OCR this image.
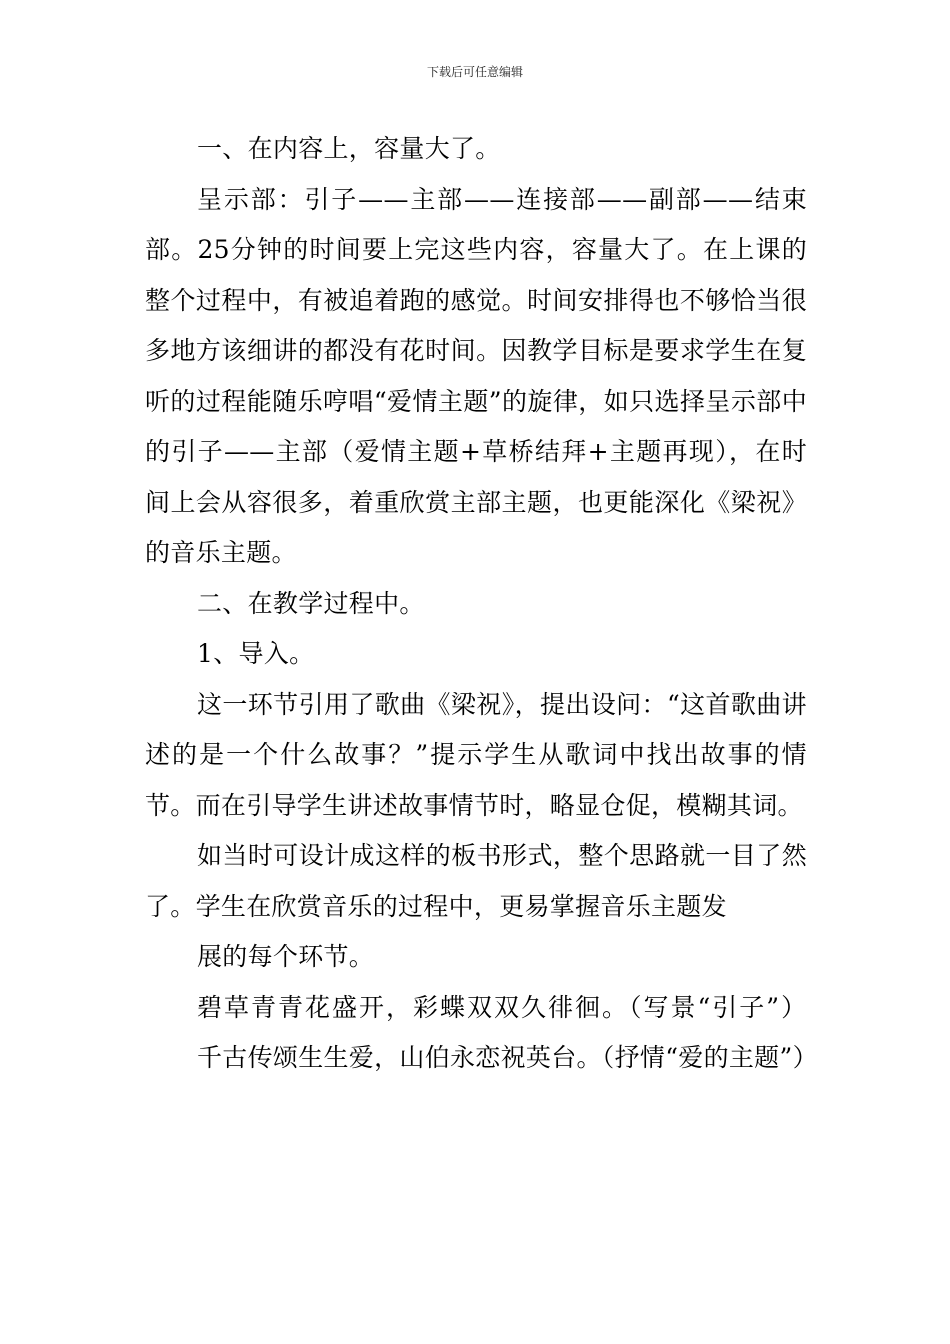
下载后可任意编辑

一、在内容上，容量大了。

呈示部：引子——主部——连接部——副部——结束部。25分钟的时间要上完这些内容，容量大了。在上课的整个过程中，有被追着跑的感觉。时间安排得也不够恰当很多地方该细讲的都没有花时间。因教学目标是要求学生在复听的过程能随乐哼唱“爱情主题”的旋律，如只选择呈示部中的引子——主部（爱情主题+草桥结拜+主题再现），在时间上会从容很多，着重欣赏主部主题，也更能深化《梁祝》的音乐主题。

二、在教学过程中。

1、导入。

这一环节引用了歌曲《梁祝》，提出设问：“这首歌曲讲述的是一个什么故事？”提示学生从歌词中找出故事的情节。而在引导学生讲述故事情节时，略显仓促，模糊其词。

如当时可设计成这样的板书形式，整个思路就一目了然了。学生在欣赏音乐的过程中，更易掌握音乐主题发

展的每个环节。

碧草青青花盛开，彩蝶双双久徘徊。（写景“引子”）

千古传颂生生爱，山伯永恋祝英台。（抒情“爱的主题”）
